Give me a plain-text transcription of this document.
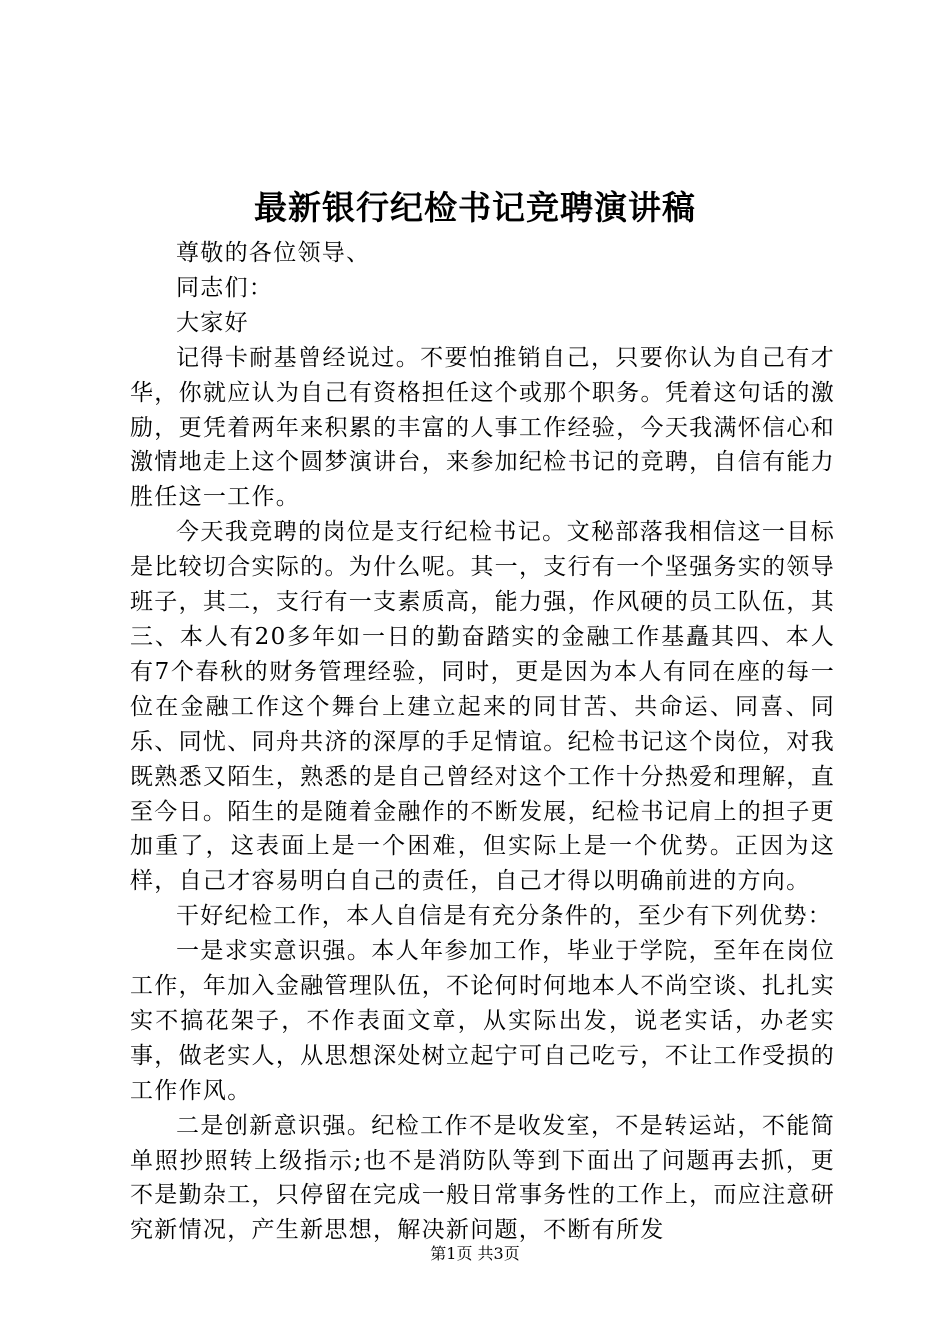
最新银行纪检书记竞聘演讲稿

尊敬的各位领导、

同志们：

大家好

记得卡耐基曾经说过。不要怕推销自己，只要你认为自己有才华，你就应认为自己有资格担任这个或那个职务。凭着这句话的激励，更凭着两年来积累的丰富的人事工作经验，今天我满怀信心和激情地走上这个圆梦演讲台，来参加纪检书记的竞聘，自信有能力胜任这一工作。

今天我竞聘的岗位是支行纪检书记。文秘部落我相信这一目标是比较切合实际的。为什么呢。其一，支行有一个坚强务实的领导班子，其二，支行有一支素质高，能力强，作风硬的员工队伍，其三、本人有20多年如一日的勤奋踏实的金融工作基矗其四、本人有7个春秋的财务管理经验，同时，更是因为本人有同在座的每一位在金融工作这个舞台上建立起来的同甘苦、共命运、同喜、同乐、同忧、同舟共济的深厚的手足情谊。纪检书记这个岗位，对我既熟悉又陌生，熟悉的是自己曾经对这个工作十分热爱和理解，直至今日。陌生的是随着金融作的不断发展，纪检书记肩上的担子更加重了，这表面上是一个困难，但实际上是一个优势。正因为这样，自己才容易明白自己的责任，自己才得以明确前进的方向。

干好纪检工作，本人自信是有充分条件的，至少有下列优势：

一是求实意识强。本人年参加工作，毕业于学院，至年在岗位工作，年加入金融管理队伍，不论何时何地本人不尚空谈、扎扎实实不搞花架子，不作表面文章，从实际出发，说老实话，办老实事，做老实人，从思想深处树立起宁可自己吃亏，不让工作受损的工作作风。

二是创新意识强。纪检工作不是收发室，不是转运站，不能简单照抄照转上级指示;也不是消防队等到下面出了问题再去抓，更不是勤杂工，只停留在完成一般日常事务性的工作上，而应注意研究新情况，产生新思想，解决新问题，不断有所发

第1页 共3页
